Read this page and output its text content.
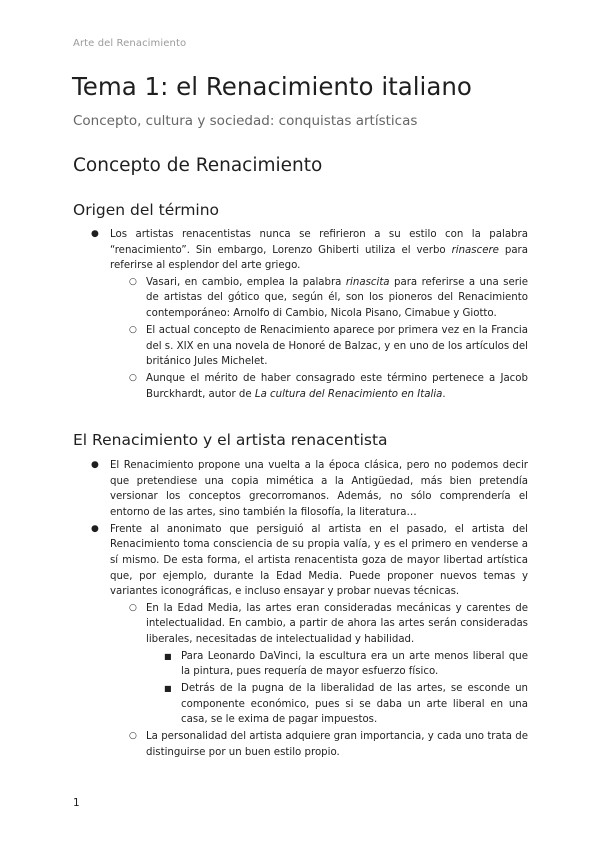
Arte del Renacimiento
Tema 1: el Renacimiento italiano
Concepto, cultura y sociedad: conquistas artísticas
Concepto de Renacimiento
Origen del término
● Los artistas renacentistas nunca se refirieron a su estilo con la palabra “renacimiento”. Sin embargo, Lorenzo Ghiberti utiliza el verbo rinascere para referirse al esplendor del arte griego.
○ Vasari, en cambio, emplea la palabra rinascita para referirse a una serie de artistas del gótico que, según él, son los pioneros del Renacimiento contemporáneo: Arnolfo di Cambio, Nicola Pisano, Cimabue y Giotto.
○ El actual concepto de Renacimiento aparece por primera vez en la Francia del s. XIX en una novela de Honoré de Balzac, y en uno de los artículos del británico Jules Michelet.
○ Aunque el mérito de haber consagrado este término pertenece a Jacob Burckhardt, autor de La cultura del Renacimiento en Italia.
El Renacimiento y el artista renacentista
● El Renacimiento propone una vuelta a la época clásica, pero no podemos decir que pretendiese una copia mimética a la Antigüedad, más bien pretendía versionar los conceptos grecorromanos. Además, no sólo comprendería el entorno de las artes, sino también la filosofía, la literatura…
● Frente al anonimato que persiguió al artista en el pasado, el artista del Renacimiento toma consciencia de su propia valía, y es el primero en venderse a sí mismo. De esta forma, el artista renacentista goza de mayor libertad artística que, por ejemplo, durante la Edad Media. Puede proponer nuevos temas y variantes iconográficas, e incluso ensayar y probar nuevas técnicas.
○ En la Edad Media, las artes eran consideradas mecánicas y carentes de intelectualidad. En cambio, a partir de ahora las artes serán consideradas liberales, necesitadas de intelectualidad y habilidad.
■ Para Leonardo DaVinci, la escultura era un arte menos liberal que la pintura, pues requería de mayor esfuerzo físico.
■ Detrás de la pugna de la liberalidad de las artes, se esconde un componente económico, pues si se daba un arte liberal en una casa, se le exima de pagar impuestos.
○ La personalidad del artista adquiere gran importancia, y cada uno trata de distinguirse por un buen estilo propio.
1
